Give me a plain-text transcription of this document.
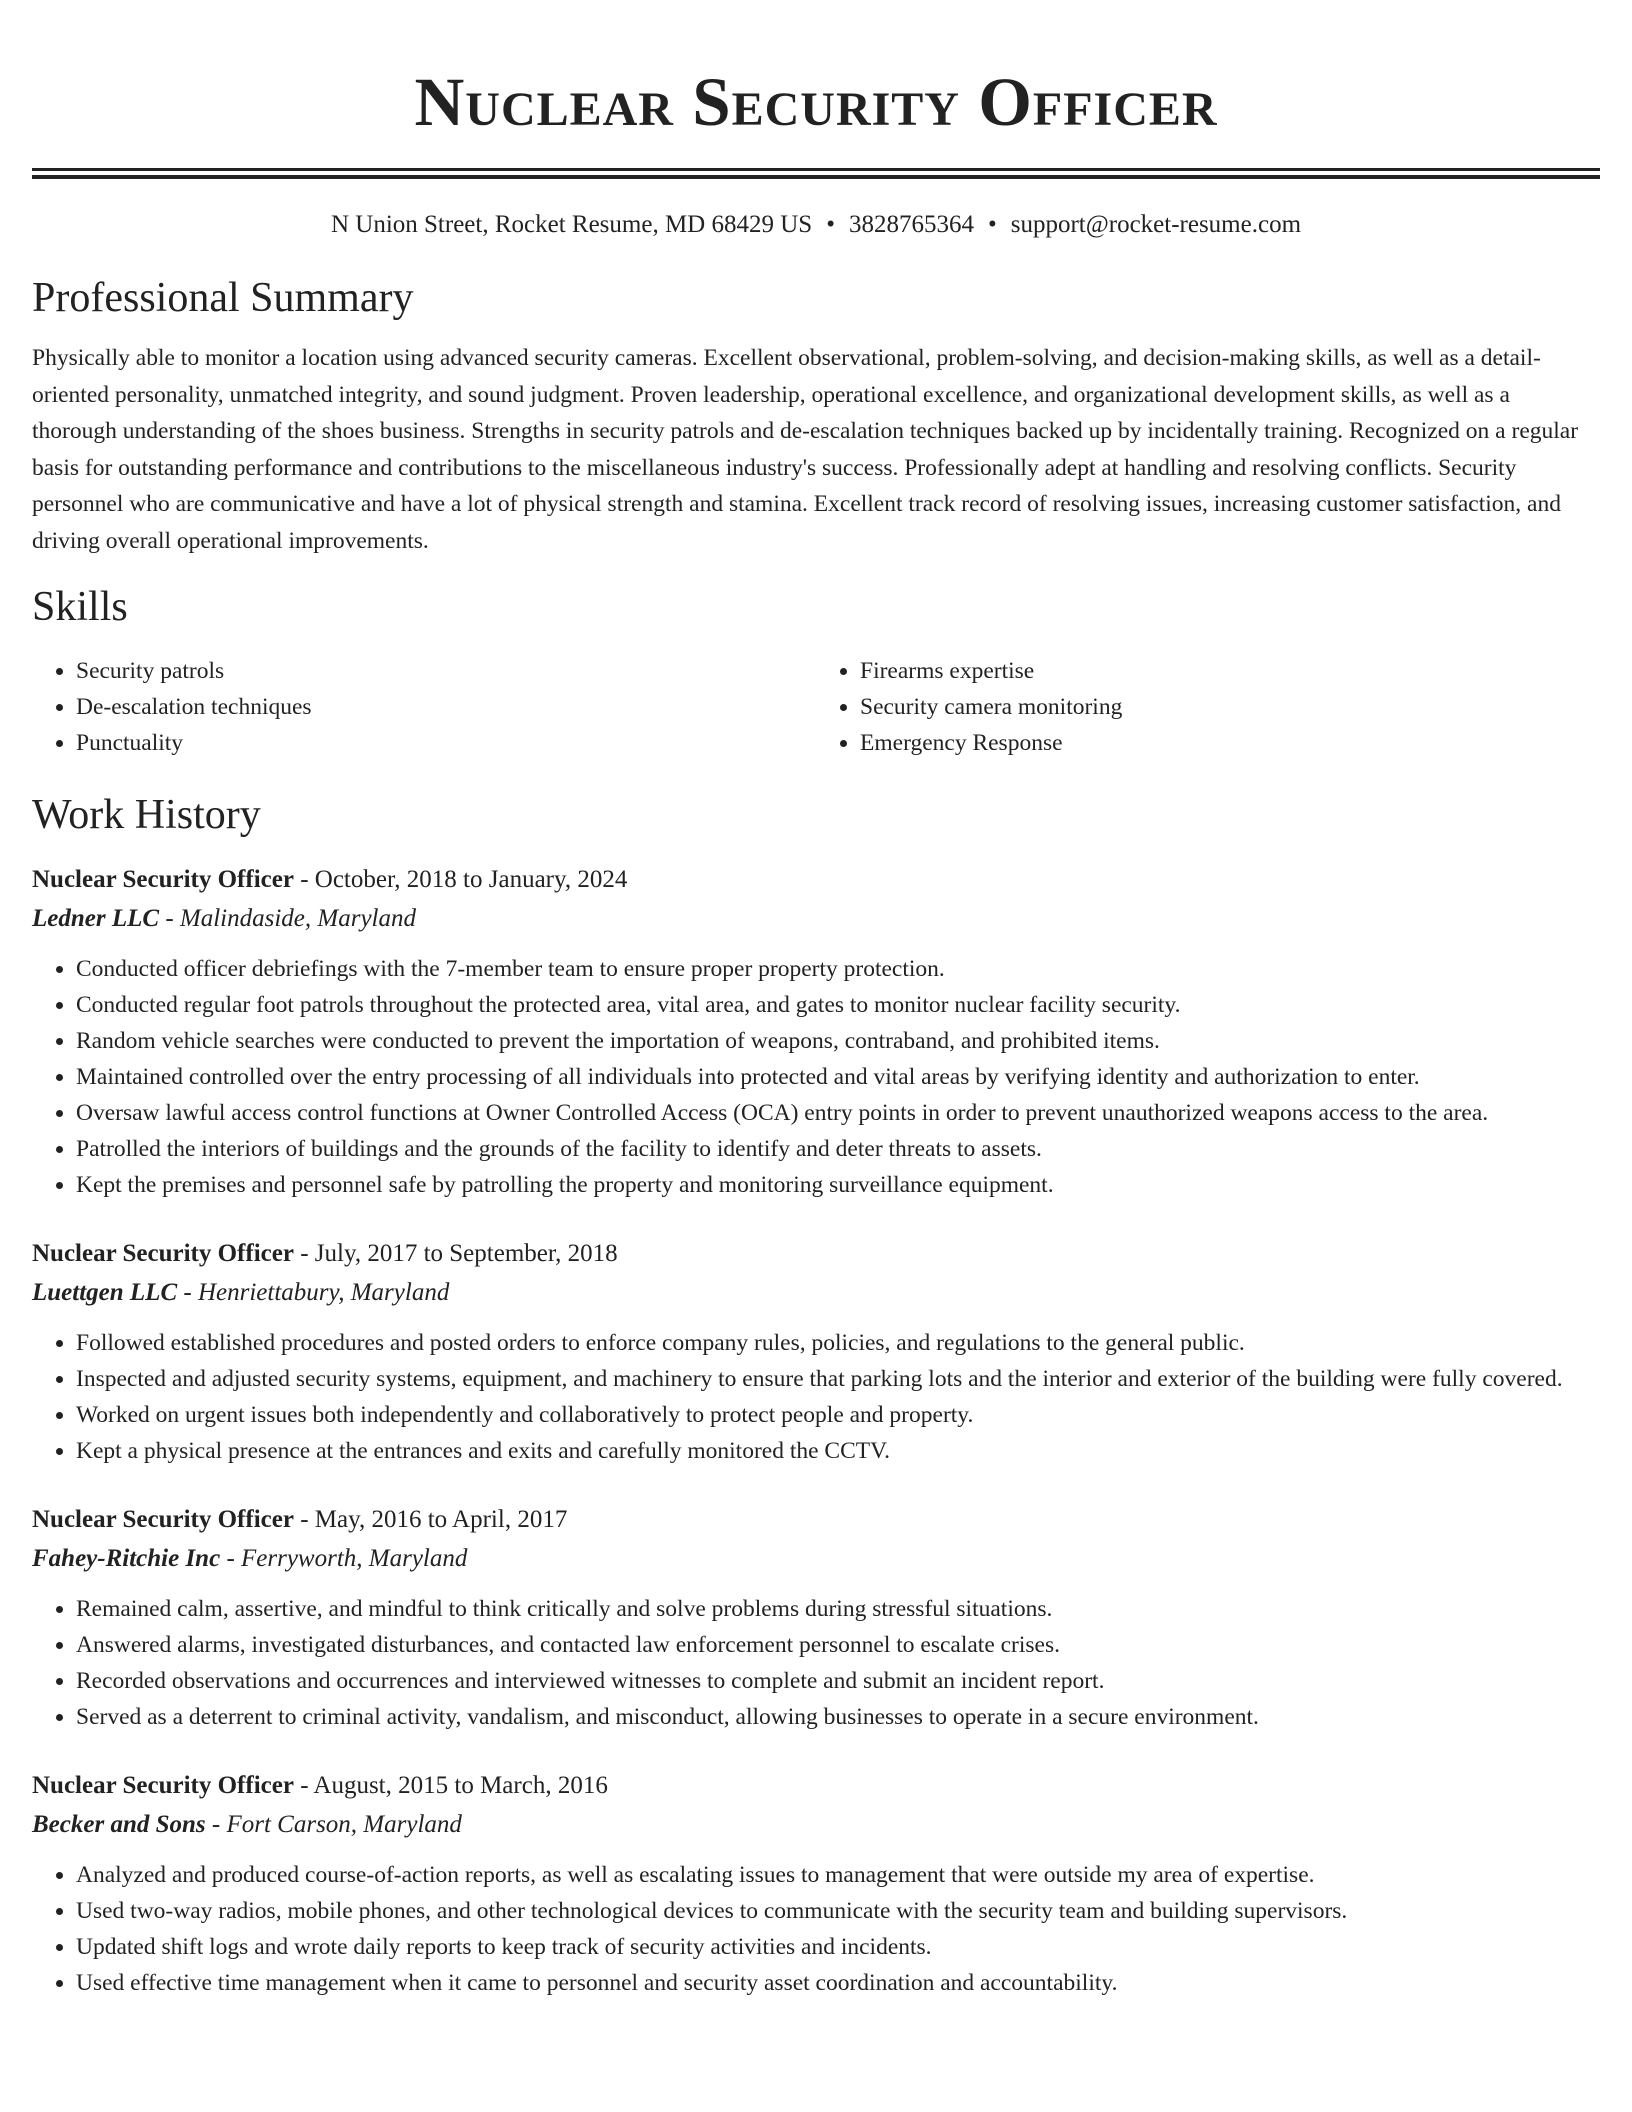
Nuclear Security Officer
N Union Street, Rocket Resume, MD 68429 US • 3828765364 • support@rocket-resume.com
Professional Summary

Physically able to monitor a location using advanced security cameras. Excellent observational, problem-solving, and decision-making skills, as well as a detail-oriented personality, unmatched integrity, and sound judgment. Proven leadership, operational excellence, and organizational development skills, as well as a thorough understanding of the shoes business. Strengths in security patrols and de-escalation techniques backed up by incidentally training. Recognized on a regular basis for outstanding performance and contributions to the miscellaneous industry's success. Professionally adept at handling and resolving conflicts. Security personnel who are communicative and have a lot of physical strength and stamina. Excellent track record of resolving issues, increasing customer satisfaction, and driving overall operational improvements.

Skills
• Security patrols
• De-escalation techniques
• Punctuality
• Firearms expertise
• Security camera monitoring
• Emergency Response
Work History
Nuclear Security Officer - October, 2018 to January, 2024
Ledner LLC - Malindaside, Maryland
• Conducted officer debriefings with the 7-member team to ensure proper property protection.
• Conducted regular foot patrols throughout the protected area, vital area, and gates to monitor nuclear facility security.
• Random vehicle searches were conducted to prevent the importation of weapons, contraband, and prohibited items.
• Maintained controlled over the entry processing of all individuals into protected and vital areas by verifying identity and authorization to enter.
• Oversaw lawful access control functions at Owner Controlled Access (OCA) entry points in order to prevent unauthorized weapons access to the area.
• Patrolled the interiors of buildings and the grounds of the facility to identify and deter threats to assets.
• Kept the premises and personnel safe by patrolling the property and monitoring surveillance equipment.
Nuclear Security Officer - July, 2017 to September, 2018
Luettgen LLC - Henriettabury, Maryland
• Followed established procedures and posted orders to enforce company rules, policies, and regulations to the general public.
• Inspected and adjusted security systems, equipment, and machinery to ensure that parking lots and the interior and exterior of the building were fully covered.
• Worked on urgent issues both independently and collaboratively to protect people and property.
• Kept a physical presence at the entrances and exits and carefully monitored the CCTV.
Nuclear Security Officer - May, 2016 to April, 2017
Fahey-Ritchie Inc - Ferryworth, Maryland
• Remained calm, assertive, and mindful to think critically and solve problems during stressful situations.
• Answered alarms, investigated disturbances, and contacted law enforcement personnel to escalate crises.
• Recorded observations and occurrences and interviewed witnesses to complete and submit an incident report.
• Served as a deterrent to criminal activity, vandalism, and misconduct, allowing businesses to operate in a secure environment.
Nuclear Security Officer - August, 2015 to March, 2016
Becker and Sons - Fort Carson, Maryland
• Analyzed and produced course-of-action reports, as well as escalating issues to management that were outside my area of expertise.
• Used two-way radios, mobile phones, and other technological devices to communicate with the security team and building supervisors.
• Updated shift logs and wrote daily reports to keep track of security activities and incidents.
• Used effective time management when it came to personnel and security asset coordination and accountability.
